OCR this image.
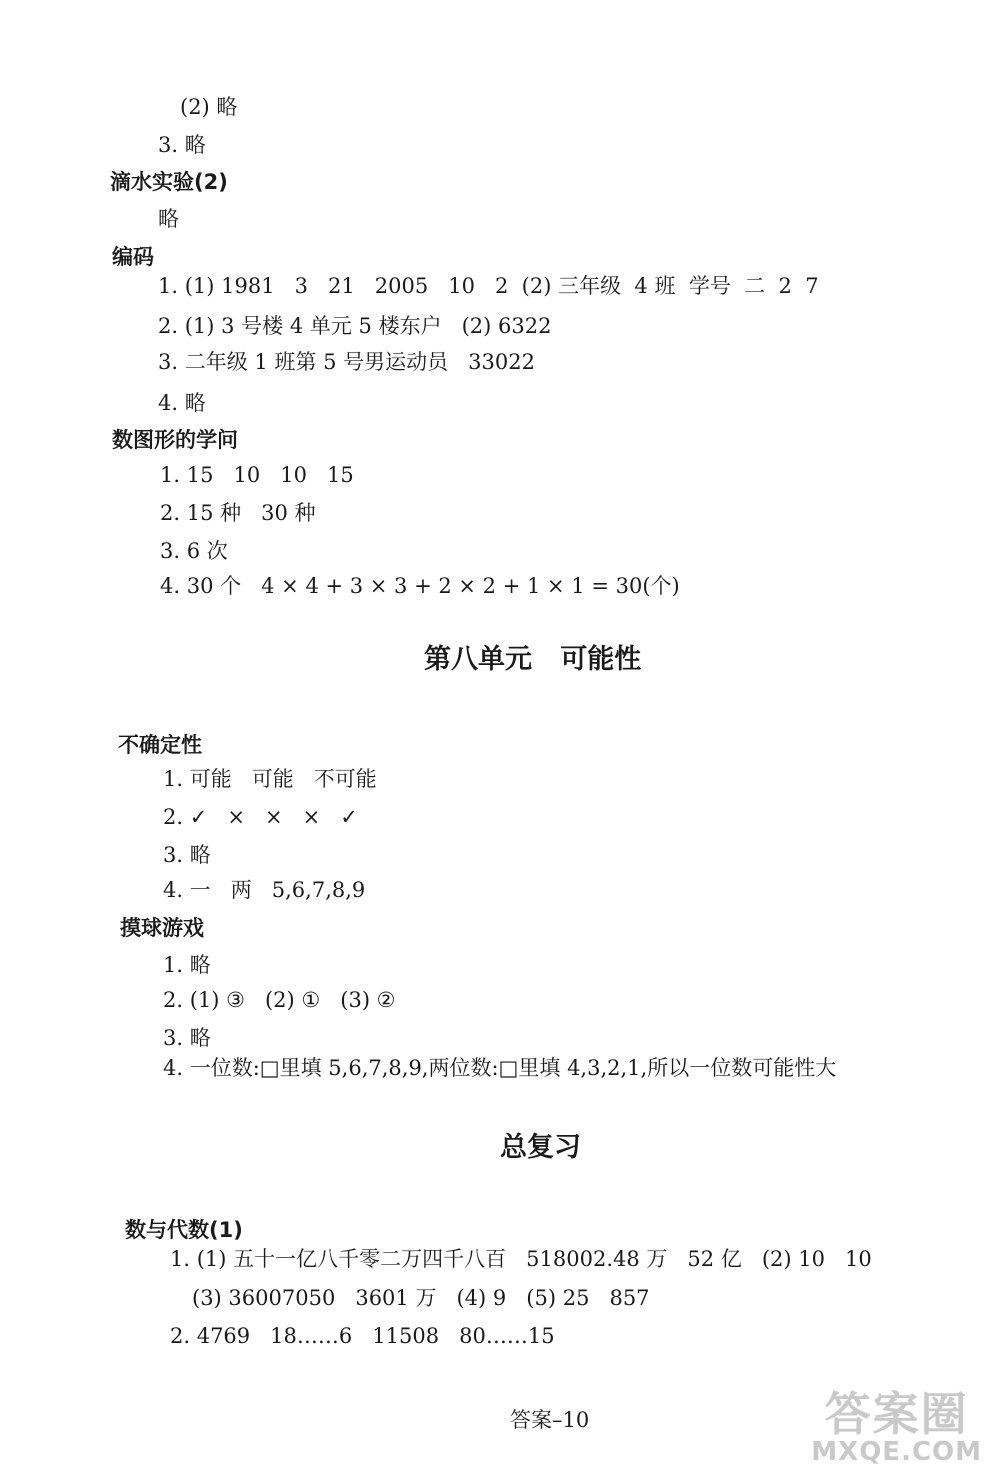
(2) 略
3. 略
滴水实验(2)
略
编码
1. (1) 1981   3   21   2005   10   2  (2) 三年级  4 班  学号  二  2  7
2. (1) 3 号楼 4 单元 5 楼东户   (2) 6322
3. 二年级 1 班第 5 号男运动员   33022
4. 略
数图形的学问
1. 15   10   10   15
2. 15 种   30 种
3. 6 次
4. 30 个   4 × 4 + 3 × 3 + 2 × 2 + 1 × 1 = 30(个)
第八单元   可能性
不确定性
1. 可能   可能   不可能
2. ✓   ×   ×   ×   ✓
3. 略
4. 一   两   5,6,7,8,9
摸球游戏
1. 略
2. (1) ③   (2) ①   (3) ②
3. 略
4. 一位数:□里填 5,6,7,8,9,两位数:□里填 4,3,2,1,所以一位数可能性大
总复习
数与代数(1)
1. (1) 五十一亿八千零二万四千八百   518002.48 万   52 亿   (2) 10   10
(3) 36007050   3601 万   (4) 9   (5) 25   857
2. 4769   18……6   11508   80……15
答案–10	答案圈
MXQE.COM
